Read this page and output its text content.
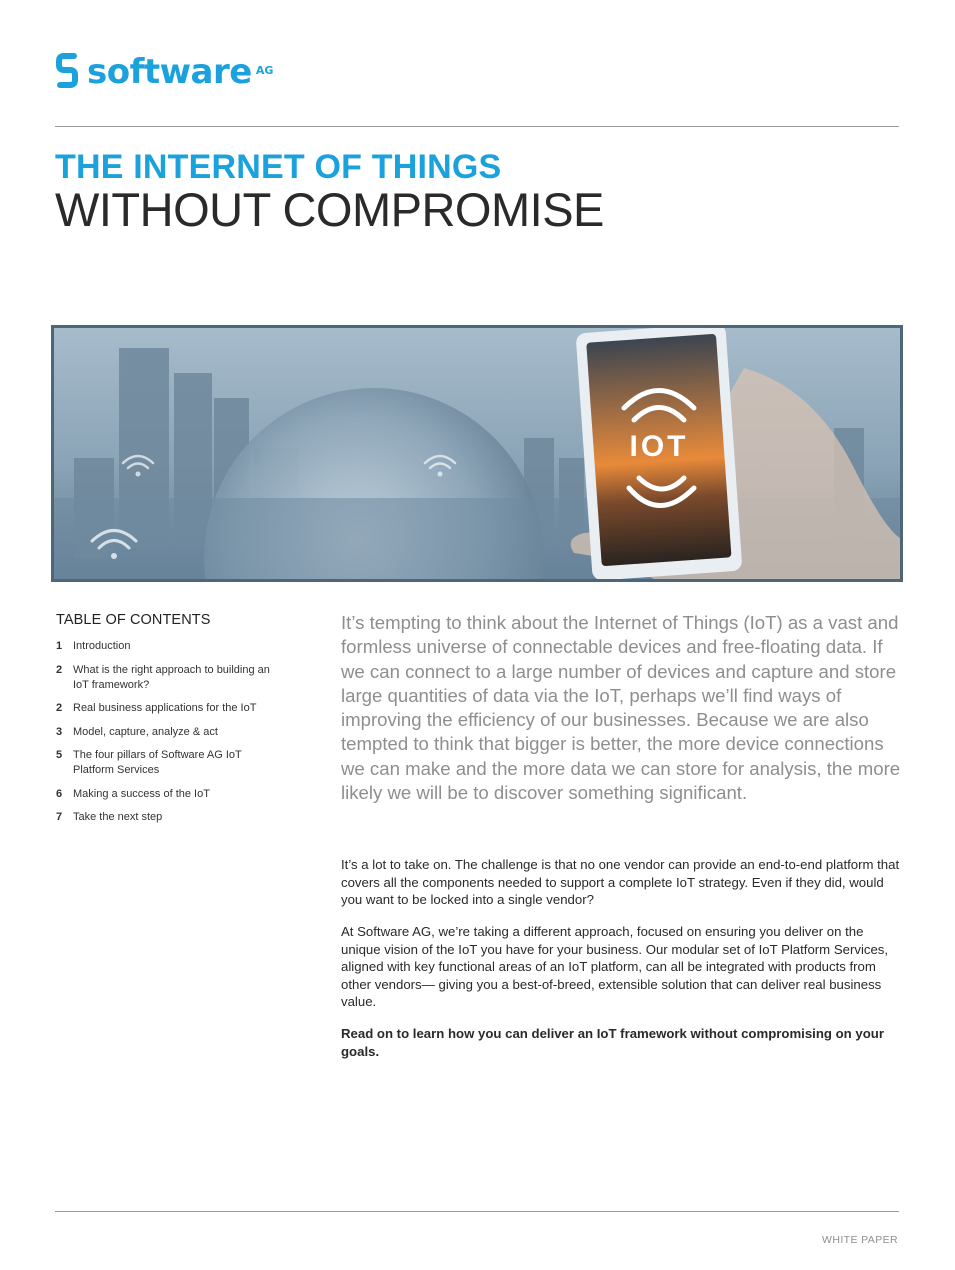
software AG
THE INTERNET OF THINGS
WITHOUT COMPROMISE
IOT
TABLE OF CONTENTS
1 Introduction
2 What is the right approach to building an IoT framework?
2 Real business applications for the IoT
3 Model, capture, analyze & act
5 The four pillars of Software AG IoT Platform Services
6 Making a success of the IoT
7 Take the next step

It’s tempting to think about the Internet of Things (IoT) as a vast and formless universe of connectable devices and free-floating data. If we can connect to a large number of devices and capture and store large quantities of data via the IoT, perhaps we’ll find ways of improving the efficiency of our businesses. Because we are also tempted to think that bigger is better, the more device connections we can make and the more data we can store for analysis, the more likely we will be to discover something significant.

It’s a lot to take on. The challenge is that no one vendor can provide an end-to-end platform that covers all the components needed to support a complete IoT strategy. Even if they did, would you want to be locked into a single vendor?

At Software AG, we’re taking a different approach, focused on ensuring you deliver on the unique vision of the IoT you have for your business. Our modular set of IoT Platform Services, aligned with key functional areas of an IoT platform, can all be integrated with products from other vendors— giving you a best-of-breed, extensible solution that can deliver real business value.

Read on to learn how you can deliver an IoT framework without compromising on your goals.

WHITE PAPER
